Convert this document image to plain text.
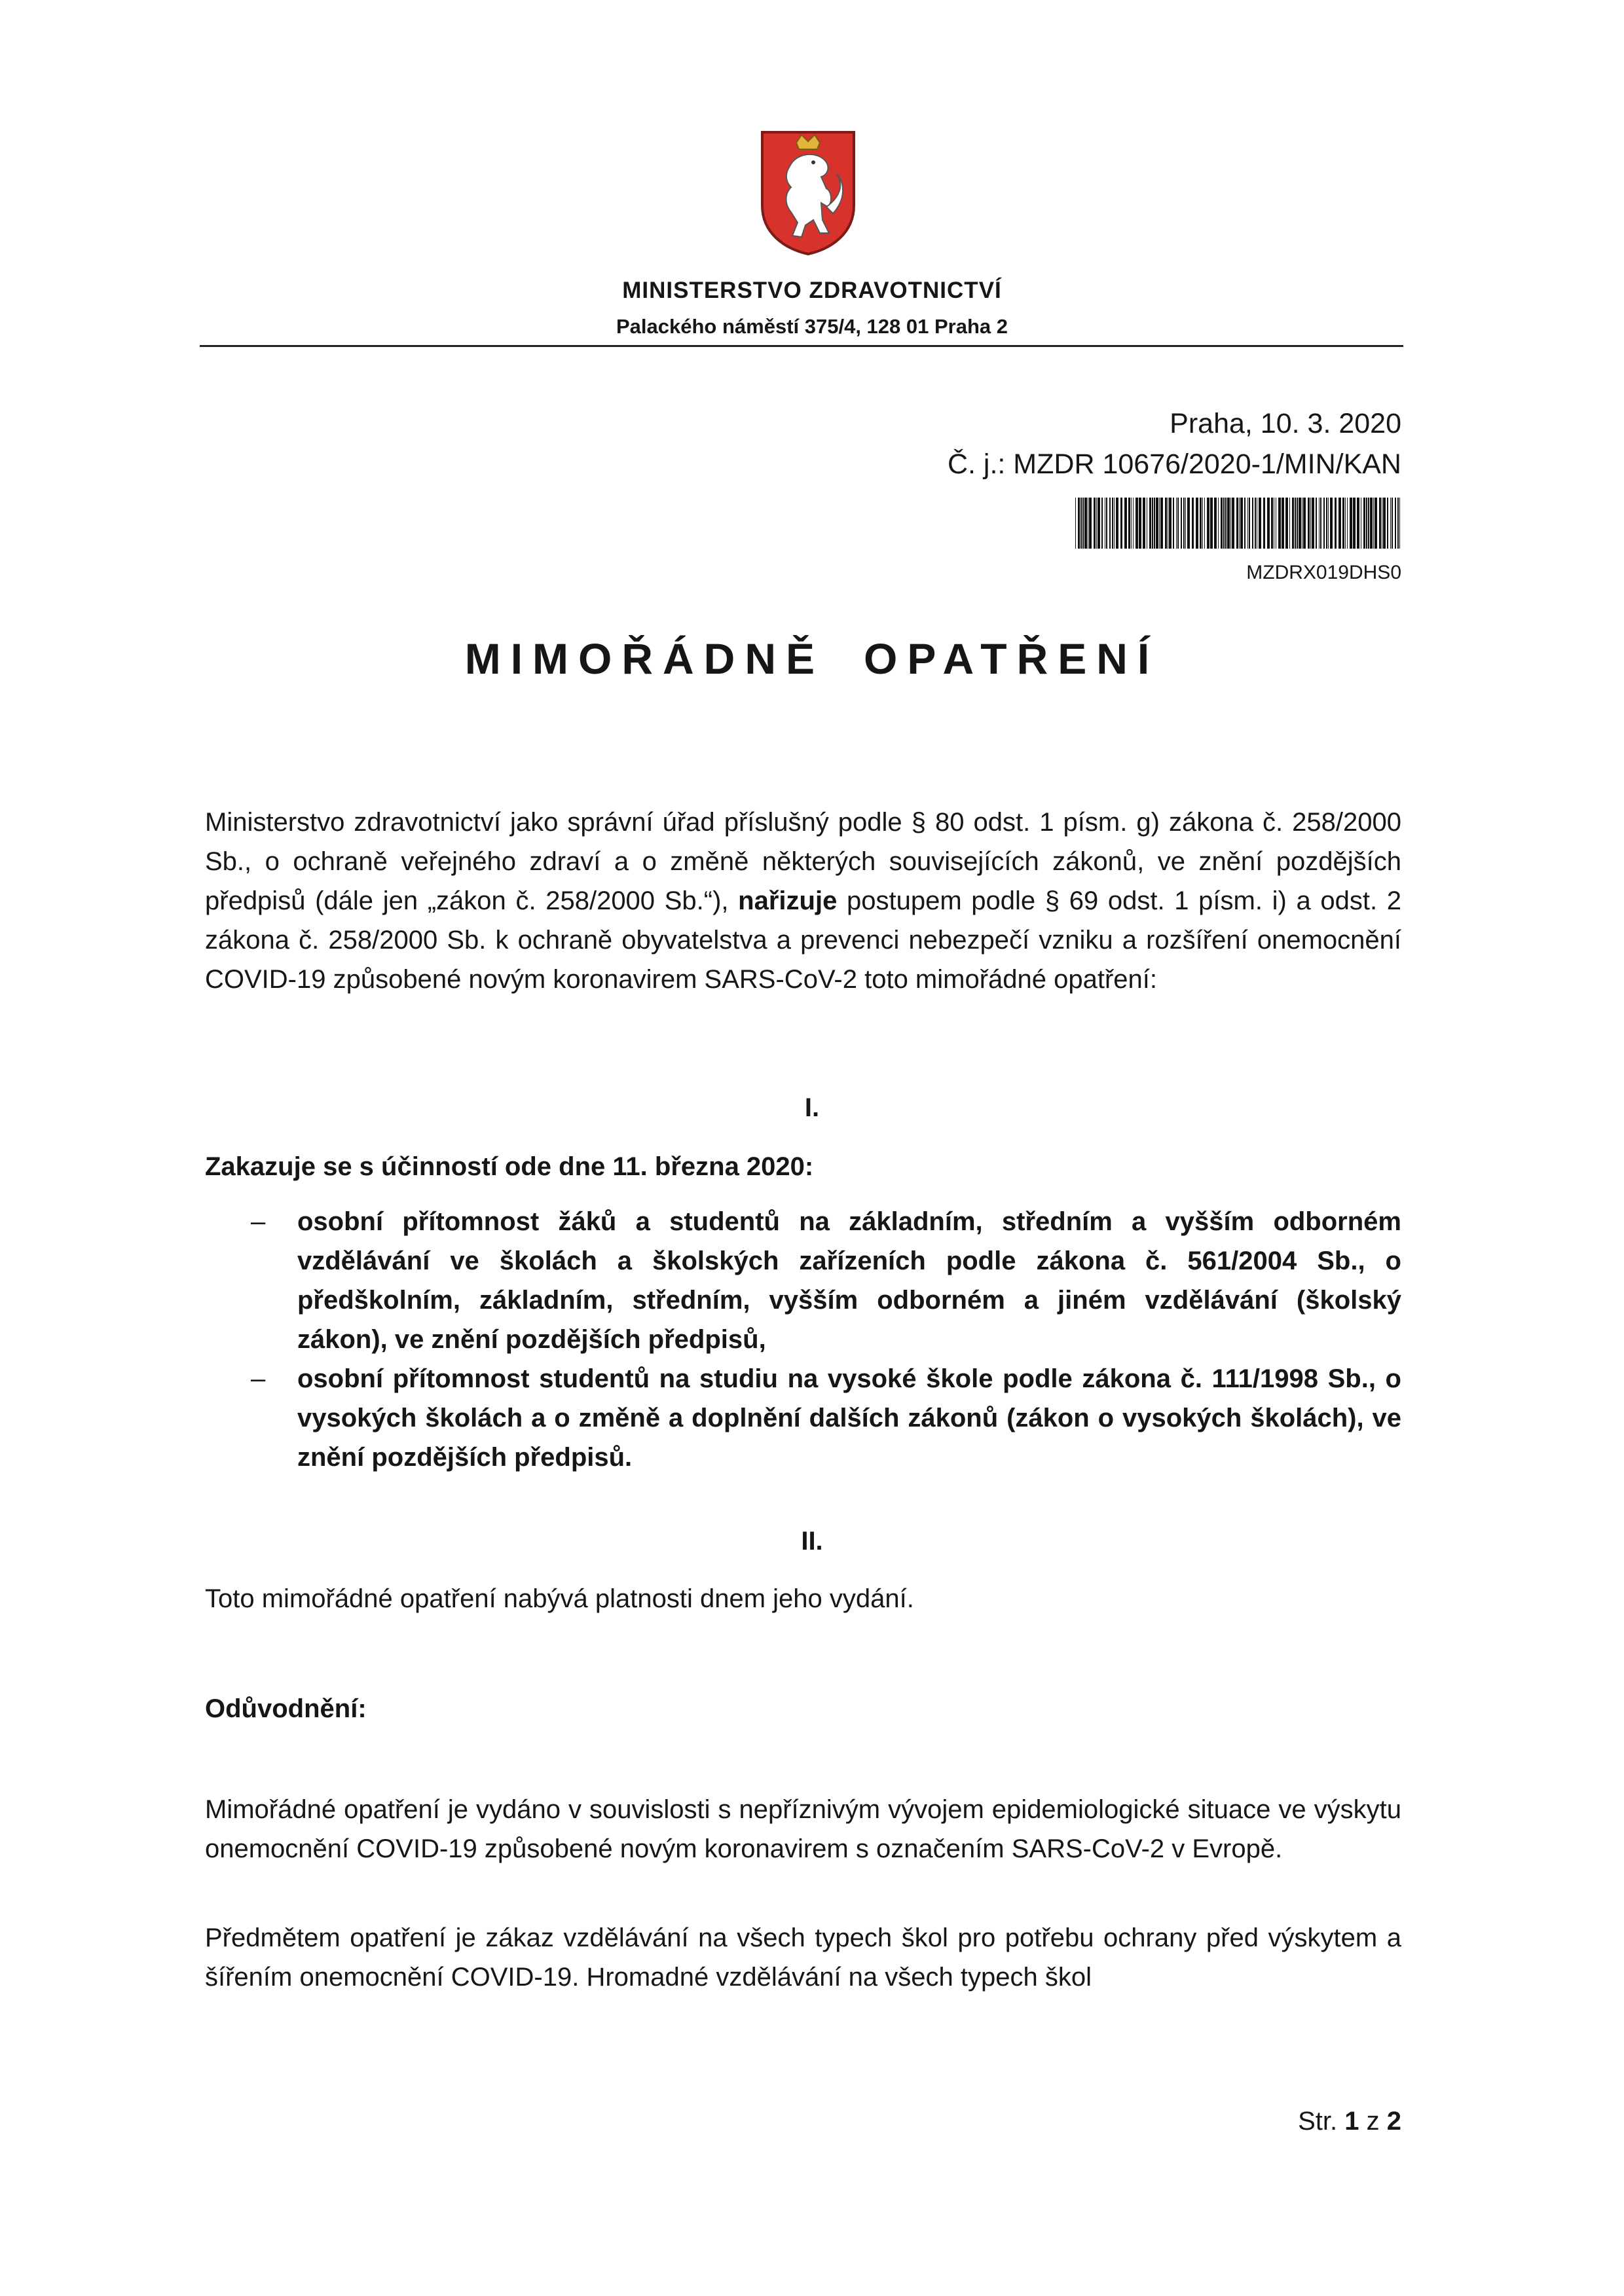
MINISTERSTVO ZDRAVOTNICTVÍ
Palackého náměstí 375/4, 128 01 Praha 2
Praha, 10. 3. 2020
Č. j.: MZDR 10676/2020-1/MIN/KAN
MZDRX019DHS0
MIMOŘÁDNĚ OPATŘENÍ
Ministerstvo zdravotnictví jako správní úřad příslušný podle § 80 odst. 1 písm. g) zákona č. 258/2000 Sb., o ochraně veřejného zdraví a o změně některých souvisejících zákonů, ve znění pozdějších předpisů (dále jen „zákon č. 258/2000 Sb.“), nařizuje postupem podle § 69 odst. 1 písm. i) a odst. 2 zákona č. 258/2000 Sb. k ochraně obyvatelstva a prevenci nebezpečí vzniku a rozšíření onemocnění COVID-19 způsobené novým koronavirem SARS-CoV-2 toto mimořádné opatření:
I.
Zakazuje se s účinností ode dne 11. března 2020:
– osobní přítomnost žáků a studentů na základním, středním a vyšším odborném vzdělávání ve školách a školských zařízeních podle zákona č. 561/2004 Sb., o předškolním, základním, středním, vyšším odborném a jiném vzdělávání (školský zákon), ve znění pozdějších předpisů,
– osobní přítomnost studentů na studiu na vysoké škole podle zákona č. 111/1998 Sb., o vysokých školách a o změně a doplnění dalších zákonů (zákon o vysokých školách), ve znění pozdějších předpisů.
II.
Toto mimořádné opatření nabývá platnosti dnem jeho vydání.
Odůvodnění:
Mimořádné opatření je vydáno v souvislosti s nepříznivým vývojem epidemiologické situace ve výskytu onemocnění COVID-19 způsobené novým koronavirem s označením SARS-CoV-2 v Evropě.
Předmětem opatření je zákaz vzdělávání na všech typech škol pro potřebu ochrany před výskytem a šířením onemocnění COVID-19. Hromadné vzdělávání na všech typech škol
Str. 1 z 2
